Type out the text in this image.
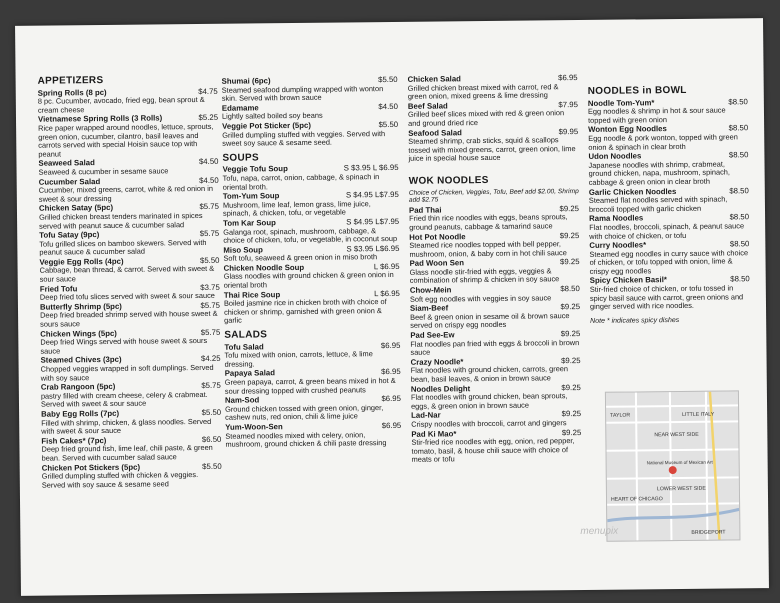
APPETIZERS
Spring Rolls (8 pc)	$4.75
8 pc. Cucumber, avocado, fried egg, bean sprout & cream cheese
Vietnamese Spring Rolls (3 Rolls)	$5.25
Rice paper wrapped around noodles, lettuce, sprouts, green onion, cucumber, cilantro, basil leaves and carrots served with special Hoisin sauce top with peanut
Seaweed Salad	$4.50
Seaweed & cucumber in sesame sauce
Cucumber Salad	$4.50
Cucumber, mixed greens, carrot, white & red onion in sweet & sour dressing
Chicken Satay (5pc)	$5.75
Grilled chicken breast tenders marinated in spices served with peanut sauce & cucumber salad
Tofu Satay (9pc)	$5.75
Tofu grilled slices on bamboo skewers. Served with peanut sauce & cucumber salad
Veggie Egg Rolls (4pc)	$5.50
Cabbage, bean thread, & carrot. Served with sweet & sour sauce
Fried Tofu	$3.75
Deep fried tofu slices served with sweet & sour sauce
Butterfly Shrimp (5pc)	$5.75
Deep fried breaded shrimp served with house sweet & sours sauce
Chicken Wings (5pc)	$5.75
Deep fried Wings served with house sweet & sours sauce
Steamed Chives (3pc)	$4.25
Chopped veggies wrapped in soft dumplings. Served with soy sauce
Crab Rangoon (5pc)	$5.75
pastry filled with cream cheese, celery & crabmeat. Served with sweet & sour sauce
Baby Egg Rolls (7pc)	$5.50
Filled with shrimp, chicken, & glass noodles. Served with sweet & sour sauce
Fish Cakes* (7pc)	$6.50
Deep fried ground fish, lime leaf, chili paste, & green bean. Served with cucumber salad sauce
Chicken Pot Stickers (5pc)	$5.50
Grilled dumpling stuffed with chicken & veggies. Served with soy sauce & sesame seed
Shumai (6pc)	$5.50
Steamed seafood dumpling wrapped with wonton skin. Served with brown sauce
Edamame	$4.50
Lightly salted boiled soy beans
Veggie Pot Sticker (5pc)	$5.50
Grilled dumpling stuffed with veggies. Served with sweet soy sauce & sesame seed.
SOUPS
Veggie Tofu Soup	S $3.95 L $6.95
Tofu, napa, carrot, onion, cabbage, & spinach in oriental broth.
Tom-Yum Soup	S $4.95 L$7.95
Mushroom, lime leaf, lemon grass, lime juice, spinach, & chicken, tofu, or vegetable
Tom Kar Soup	S $4.95 L$7.95
Galanga root, spinach, mushroom, cabbage, & choice of chicken, tofu, or vegetable, in coconut soup
Miso Soup	S $3.95 L$6.95
Soft tofu, seaweed & green onion in miso broth
Chicken Noodle Soup	L $6.95
Glass noodles with ground chicken & green onion in oriental broth
Thai Rice Soup	L $6.95
Boiled jasmine rice in chicken broth with choice of chicken or shrimp, garnished with green onion & garlic
SALADS
Tofu Salad	$6.95
Tofu mixed with onion, carrots, lettuce, & lime dressing.
Papaya Salad	$6.95
Green papaya, carrot, & green beans mixed in hot & sour dressing topped with crushed peanuts
Nam-Sod	$6.95
Ground chicken tossed with green onion, ginger, cashew nuts, red onion, chili & lime juice
Yum-Woon-Sen	$6.95
Steamed noodles mixed with celery, onion, mushroom, ground chicken & chili paste dressing
Chicken Salad	$6.95
Grilled chicken breast mixed with carrot, red & green onion, mixed greens & lime dressing
Beef Salad	$7.95
Grilled beef slices mixed with red & green onion and ground dried rice
Seafood Salad	$9.95
Steamed shrimp, crab sticks, squid & scallops tossed with mixed greens, carrot, green onion, lime juice in special house sauce
WOK NOODLES
Choice of Chicken, Veggies, Tofu, Beef add $2.00, Shrimp add $2.75
Pad Thai	$9.25
Fried thin rice noodles with eggs, beans sprouts, ground peanuts, cabbage & tamarind sauce
Hot Pot Noodle	$9.25
Steamed rice noodles topped with bell pepper, mushroom, onion, & baby corn in hot chili sauce
Pad Woon Sen	$9.25
Glass noodle stir-fried with eggs, veggies & combination of shrimp & chicken in soy sauce
Chow-Mein	$8.50
Soft egg noodles with veggies in soy sauce
Siam-Beef	$9.25
Beef & green onion in sesame oil & brown sauce served on crispy egg noodles
Pad See-Ew	$9.25
Flat noodles pan fried with eggs & broccoli in brown sauce
Crazy Noodle*	$9.25
Flat noodles with ground chicken, carrots, green bean, basil leaves, & onion in brown sauce
Noodles Delight	$9.25
Flat noodles with ground chicken, bean sprouts, eggs, & green onion in brown sauce
Lad-Nar	$9.25
Crispy noodles with broccoli, carrot and gingers
Pad Ki Mao*	$9.25
Stir-fried rice noodles with egg, onion, red pepper, tomato, basil, & house chili sauce with choice of meats or tofu
NOODLES in BOWL
Noodle Tom-Yum*	$8.50
Egg noodles & shrimp in hot & sour sauce topped with green onion
Wonton Egg Noodles	$8.50
Egg noodle & pork wonton, topped with green onion & spinach in clear broth
Udon Noodles	$8.50
Japanese noodles with shrimp, crabmeat, ground chicken, napa, mushroom, spinach, cabbage & green onion in clear broth
Garlic Chicken Noodles	$8.50
Steamed flat noodles served with spinach, broccoli topped with garlic chicken
Rama Noodles	$8.50
Flat noodles, broccoli, spinach, & peanut sauce with choice of chicken, or tofu
Curry Noodles*	$8.50
Steamed egg noodles in curry sauce with choice of chicken, or tofu topped with onion, lime & crispy egg noodles
Spicy Chicken Basil*	$8.50
Stir-fried choice of chicken, or tofu tossed in spicy basil sauce with carrot, green onions and ginger served with rice noodles.
Note * indicates spicy dishes
TAYLOR	LITTLE ITALY
NEAR WEST SIDE
National Museum of Mexican Art
LOWER WEST SIDE
HEART OF CHICAGO
BRIDGEPORT
menupix
